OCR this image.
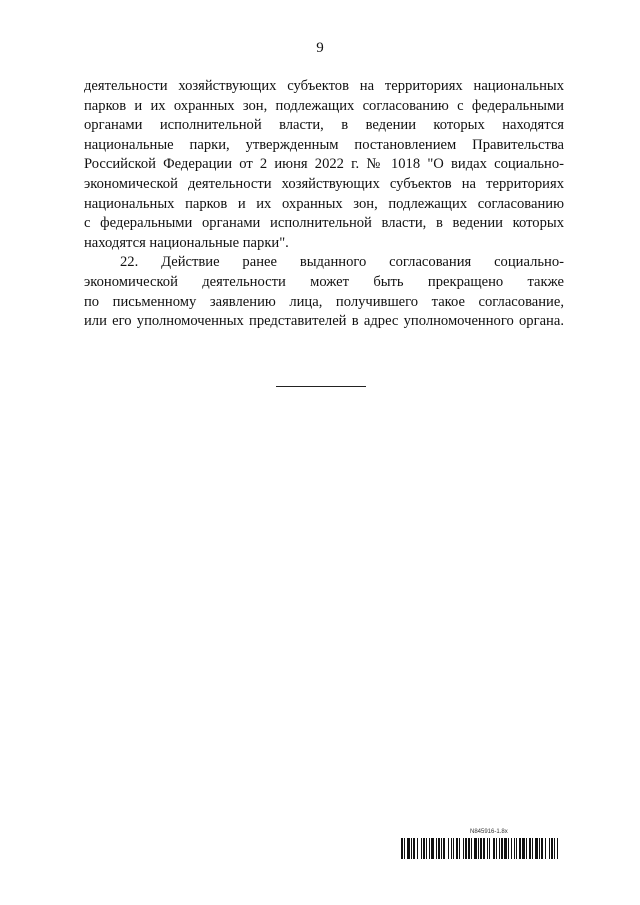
9
деятельности хозяйствующих субъектов на территориях национальных
парков и их охранных зон, подлежащих согласованию с федеральными
органами исполнительной власти, в ведении которых находятся
национальные парки, утвержденным постановлением Правительства
Российской Федерации от 2 июня 2022 г. № 1018 "О видах социально-
экономической деятельности хозяйствующих субъектов на территориях
национальных парков и их охранных зон, подлежащих согласованию
с федеральными органами исполнительной власти, в ведении которых
находятся национальные парки".
22. Действие ранее выданного согласования социально-
экономической деятельности может быть прекращено также
по письменному заявлению лица, получившего такое согласование,
или его уполномоченных представителей в адрес уполномоченного органа.
N845916-1.8x
